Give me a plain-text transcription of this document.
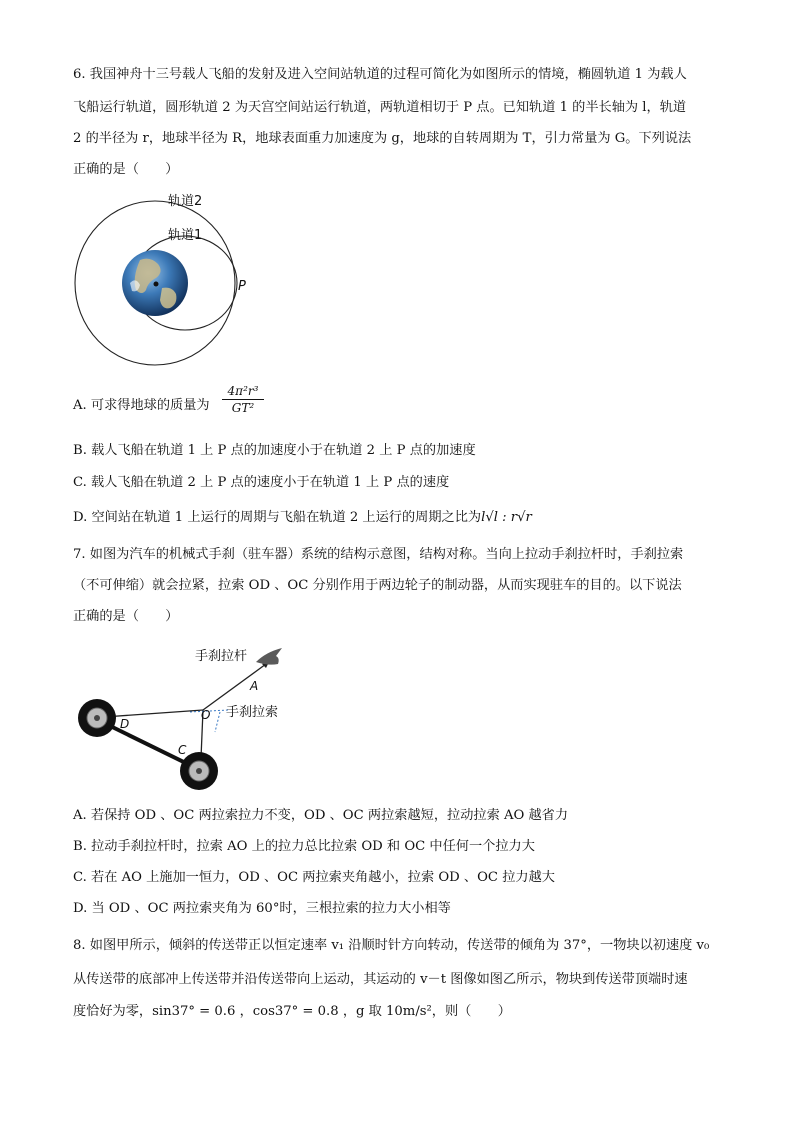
6. 我国神舟十三号载人飞船的发射及进入空间站轨道的过程可简化为如图所示的情境，椭圆轨道 1 为载人
飞船运行轨道，圆形轨道 2 为天宫空间站运行轨道，两轨道相切于 P 点。已知轨道 1 的半长轴为 l，轨道
2 的半径为 r，地球半径为 R，地球表面重力加速度为 g，地球的自转周期为 T，引力常量为 G。下列说法
正确的是（　　）
轨道2
轨道1
P
A. 可求得地球的质量为
4π²r³
GT²
B. 载人飞船在轨道 1 上 P 点的加速度小于在轨道 2 上 P 点的加速度
C. 载人飞船在轨道 2 上 P 点的速度小于在轨道 1 上 P 点的速度
D. 空间站在轨道 1 上运行的周期与飞船在轨道 2 上运行的周期之比为l√l : r√r
7. 如图为汽车的机械式手刹（驻车器）系统的结构示意图，结构对称。当向上拉动手刹拉杆时，手刹拉索
（不可伸缩）就会拉紧，拉索 OD 、OC 分别作用于两边轮子的制动器，从而实现驻车的目的。以下说法
正确的是（　　）
手刹拉杆
手刹拉索
A
O
D
C
A. 若保持 OD 、OC 两拉索拉力不变，OD 、OC 两拉索越短，拉动拉索 AO 越省力
B. 拉动手刹拉杆时，拉索 AO 上的拉力总比拉索 OD 和 OC 中任何一个拉力大
C. 若在 AO 上施加一恒力，OD 、OC 两拉索夹角越小，拉索 OD 、OC 拉力越大
D. 当 OD 、OC 两拉索夹角为 60°时，三根拉索的拉力大小相等
8. 如图甲所示，倾斜的传送带正以恒定速率 v₁ 沿顺时针方向转动，传送带的倾角为 37°，一物块以初速度 v₀
从传送带的底部冲上传送带并沿传送带向上运动，其运动的 v－t 图像如图乙所示，物块到传送带顶端时速
度恰好为零，sin37° = 0.6 ，cos37° = 0.8 ，g 取 10m/s²，则（　　）
